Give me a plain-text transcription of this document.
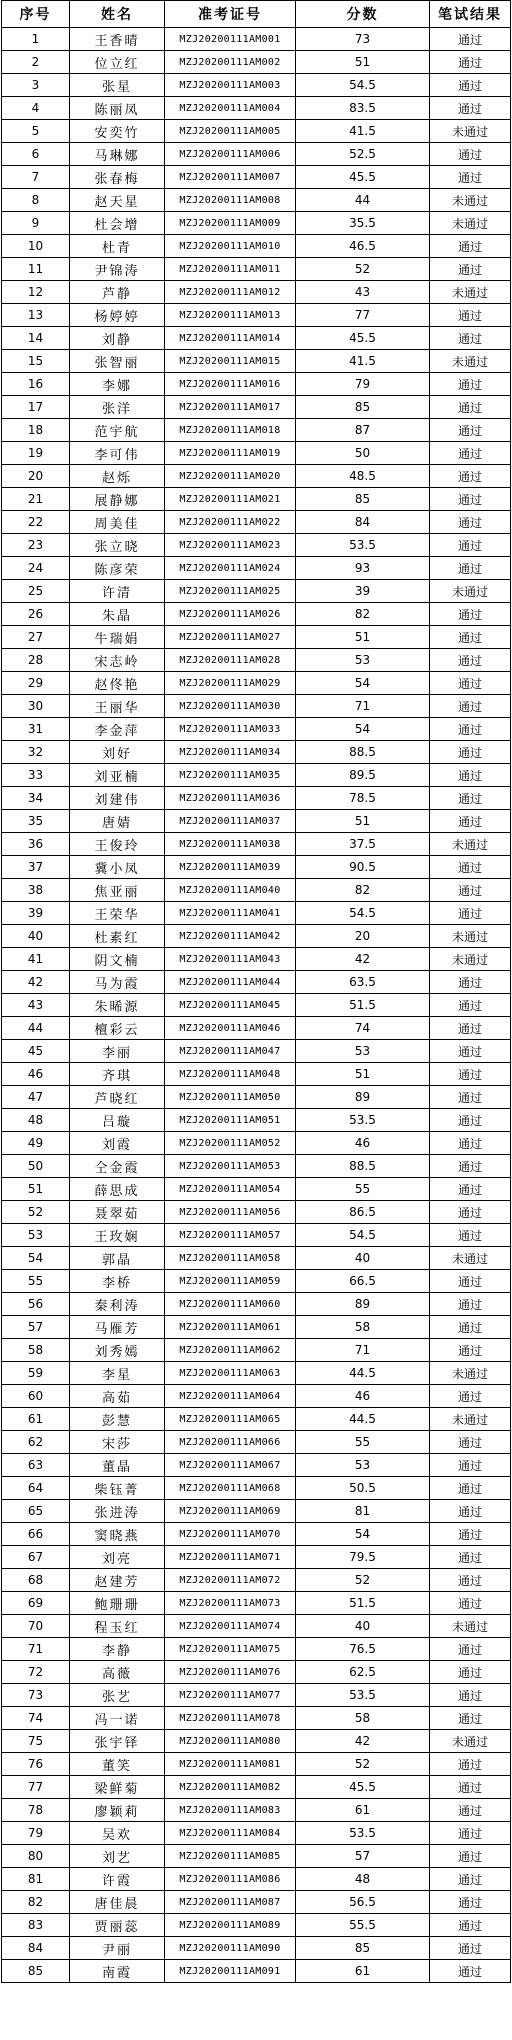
序号	姓名	准考证号	分数	笔试结果
1	王香晴	MZJ20200111AM001	73	通过
2	位立红	MZJ20200111AM002	51	通过
3	张星	MZJ20200111AM003	54.5	通过
4	陈丽凤	MZJ20200111AM004	83.5	通过
5	安奕竹	MZJ20200111AM005	41.5	未通过
6	马琳娜	MZJ20200111AM006	52.5	通过
7	张春梅	MZJ20200111AM007	45.5	通过
8	赵天星	MZJ20200111AM008	44	未通过
9	杜会增	MZJ20200111AM009	35.5	未通过
10	杜青	MZJ20200111AM010	46.5	通过
11	尹锦涛	MZJ20200111AM011	52	通过
12	芦静	MZJ20200111AM012	43	未通过
13	杨婷婷	MZJ20200111AM013	77	通过
14	刘静	MZJ20200111AM014	45.5	通过
15	张智丽	MZJ20200111AM015	41.5	未通过
16	李娜	MZJ20200111AM016	79	通过
17	张洋	MZJ20200111AM017	85	通过
18	范宇航	MZJ20200111AM018	87	通过
19	李可伟	MZJ20200111AM019	50	通过
20	赵烁	MZJ20200111AM020	48.5	通过
21	展静娜	MZJ20200111AM021	85	通过
22	周美佳	MZJ20200111AM022	84	通过
23	张立晓	MZJ20200111AM023	53.5	通过
24	陈彦荣	MZJ20200111AM024	93	通过
25	许清	MZJ20200111AM025	39	未通过
26	朱晶	MZJ20200111AM026	82	通过
27	牛瑞娟	MZJ20200111AM027	51	通过
28	宋志岭	MZJ20200111AM028	53	通过
29	赵佟艳	MZJ20200111AM029	54	通过
30	王丽华	MZJ20200111AM030	71	通过
31	李金萍	MZJ20200111AM033	54	通过
32	刘好	MZJ20200111AM034	88.5	通过
33	刘亚楠	MZJ20200111AM035	89.5	通过
34	刘建伟	MZJ20200111AM036	78.5	通过
35	唐婧	MZJ20200111AM037	51	通过
36	王俊玲	MZJ20200111AM038	37.5	未通过
37	冀小凤	MZJ20200111AM039	90.5	通过
38	焦亚丽	MZJ20200111AM040	82	通过
39	王荣华	MZJ20200111AM041	54.5	通过
40	杜素红	MZJ20200111AM042	20	未通过
41	阴文楠	MZJ20200111AM043	42	未通过
42	马为霞	MZJ20200111AM044	63.5	通过
43	朱晞源	MZJ20200111AM045	51.5	通过
44	檀彩云	MZJ20200111AM046	74	通过
45	李丽	MZJ20200111AM047	53	通过
46	齐琪	MZJ20200111AM048	51	通过
47	芦晓红	MZJ20200111AM050	89	通过
48	吕璇	MZJ20200111AM051	53.5	通过
49	刘霞	MZJ20200111AM052	46	通过
50	仝金霞	MZJ20200111AM053	88.5	通过
51	薛思成	MZJ20200111AM054	55	通过
52	聂翠茹	MZJ20200111AM056	86.5	通过
53	王玫娴	MZJ20200111AM057	54.5	通过
54	郭晶	MZJ20200111AM058	40	未通过
55	李桥	MZJ20200111AM059	66.5	通过
56	秦利涛	MZJ20200111AM060	89	通过
57	马雁芳	MZJ20200111AM061	58	通过
58	刘秀嫣	MZJ20200111AM062	71	通过
59	李星	MZJ20200111AM063	44.5	未通过
60	高茹	MZJ20200111AM064	46	通过
61	彭慧	MZJ20200111AM065	44.5	未通过
62	宋莎	MZJ20200111AM066	55	通过
63	董晶	MZJ20200111AM067	53	通过
64	柴钰菁	MZJ20200111AM068	50.5	通过
65	张进涛	MZJ20200111AM069	81	通过
66	窦晓燕	MZJ20200111AM070	54	通过
67	刘亮	MZJ20200111AM071	79.5	通过
68	赵建芳	MZJ20200111AM072	52	通过
69	鲍珊珊	MZJ20200111AM073	51.5	通过
70	程玉红	MZJ20200111AM074	40	未通过
71	李静	MZJ20200111AM075	76.5	通过
72	高薇	MZJ20200111AM076	62.5	通过
73	张艺	MZJ20200111AM077	53.5	通过
74	冯一诺	MZJ20200111AM078	58	通过
75	张宇铎	MZJ20200111AM080	42	未通过
76	董笑	MZJ20200111AM081	52	通过
77	梁鲜菊	MZJ20200111AM082	45.5	通过
78	廖颖莉	MZJ20200111AM083	61	通过
79	吴欢	MZJ20200111AM084	53.5	通过
80	刘艺	MZJ20200111AM085	57	通过
81	许霞	MZJ20200111AM086	48	通过
82	唐佳晨	MZJ20200111AM087	56.5	通过
83	贾丽蕊	MZJ20200111AM089	55.5	通过
84	尹丽	MZJ20200111AM090	85	通过
85	南霞	MZJ20200111AM091	61	通过
